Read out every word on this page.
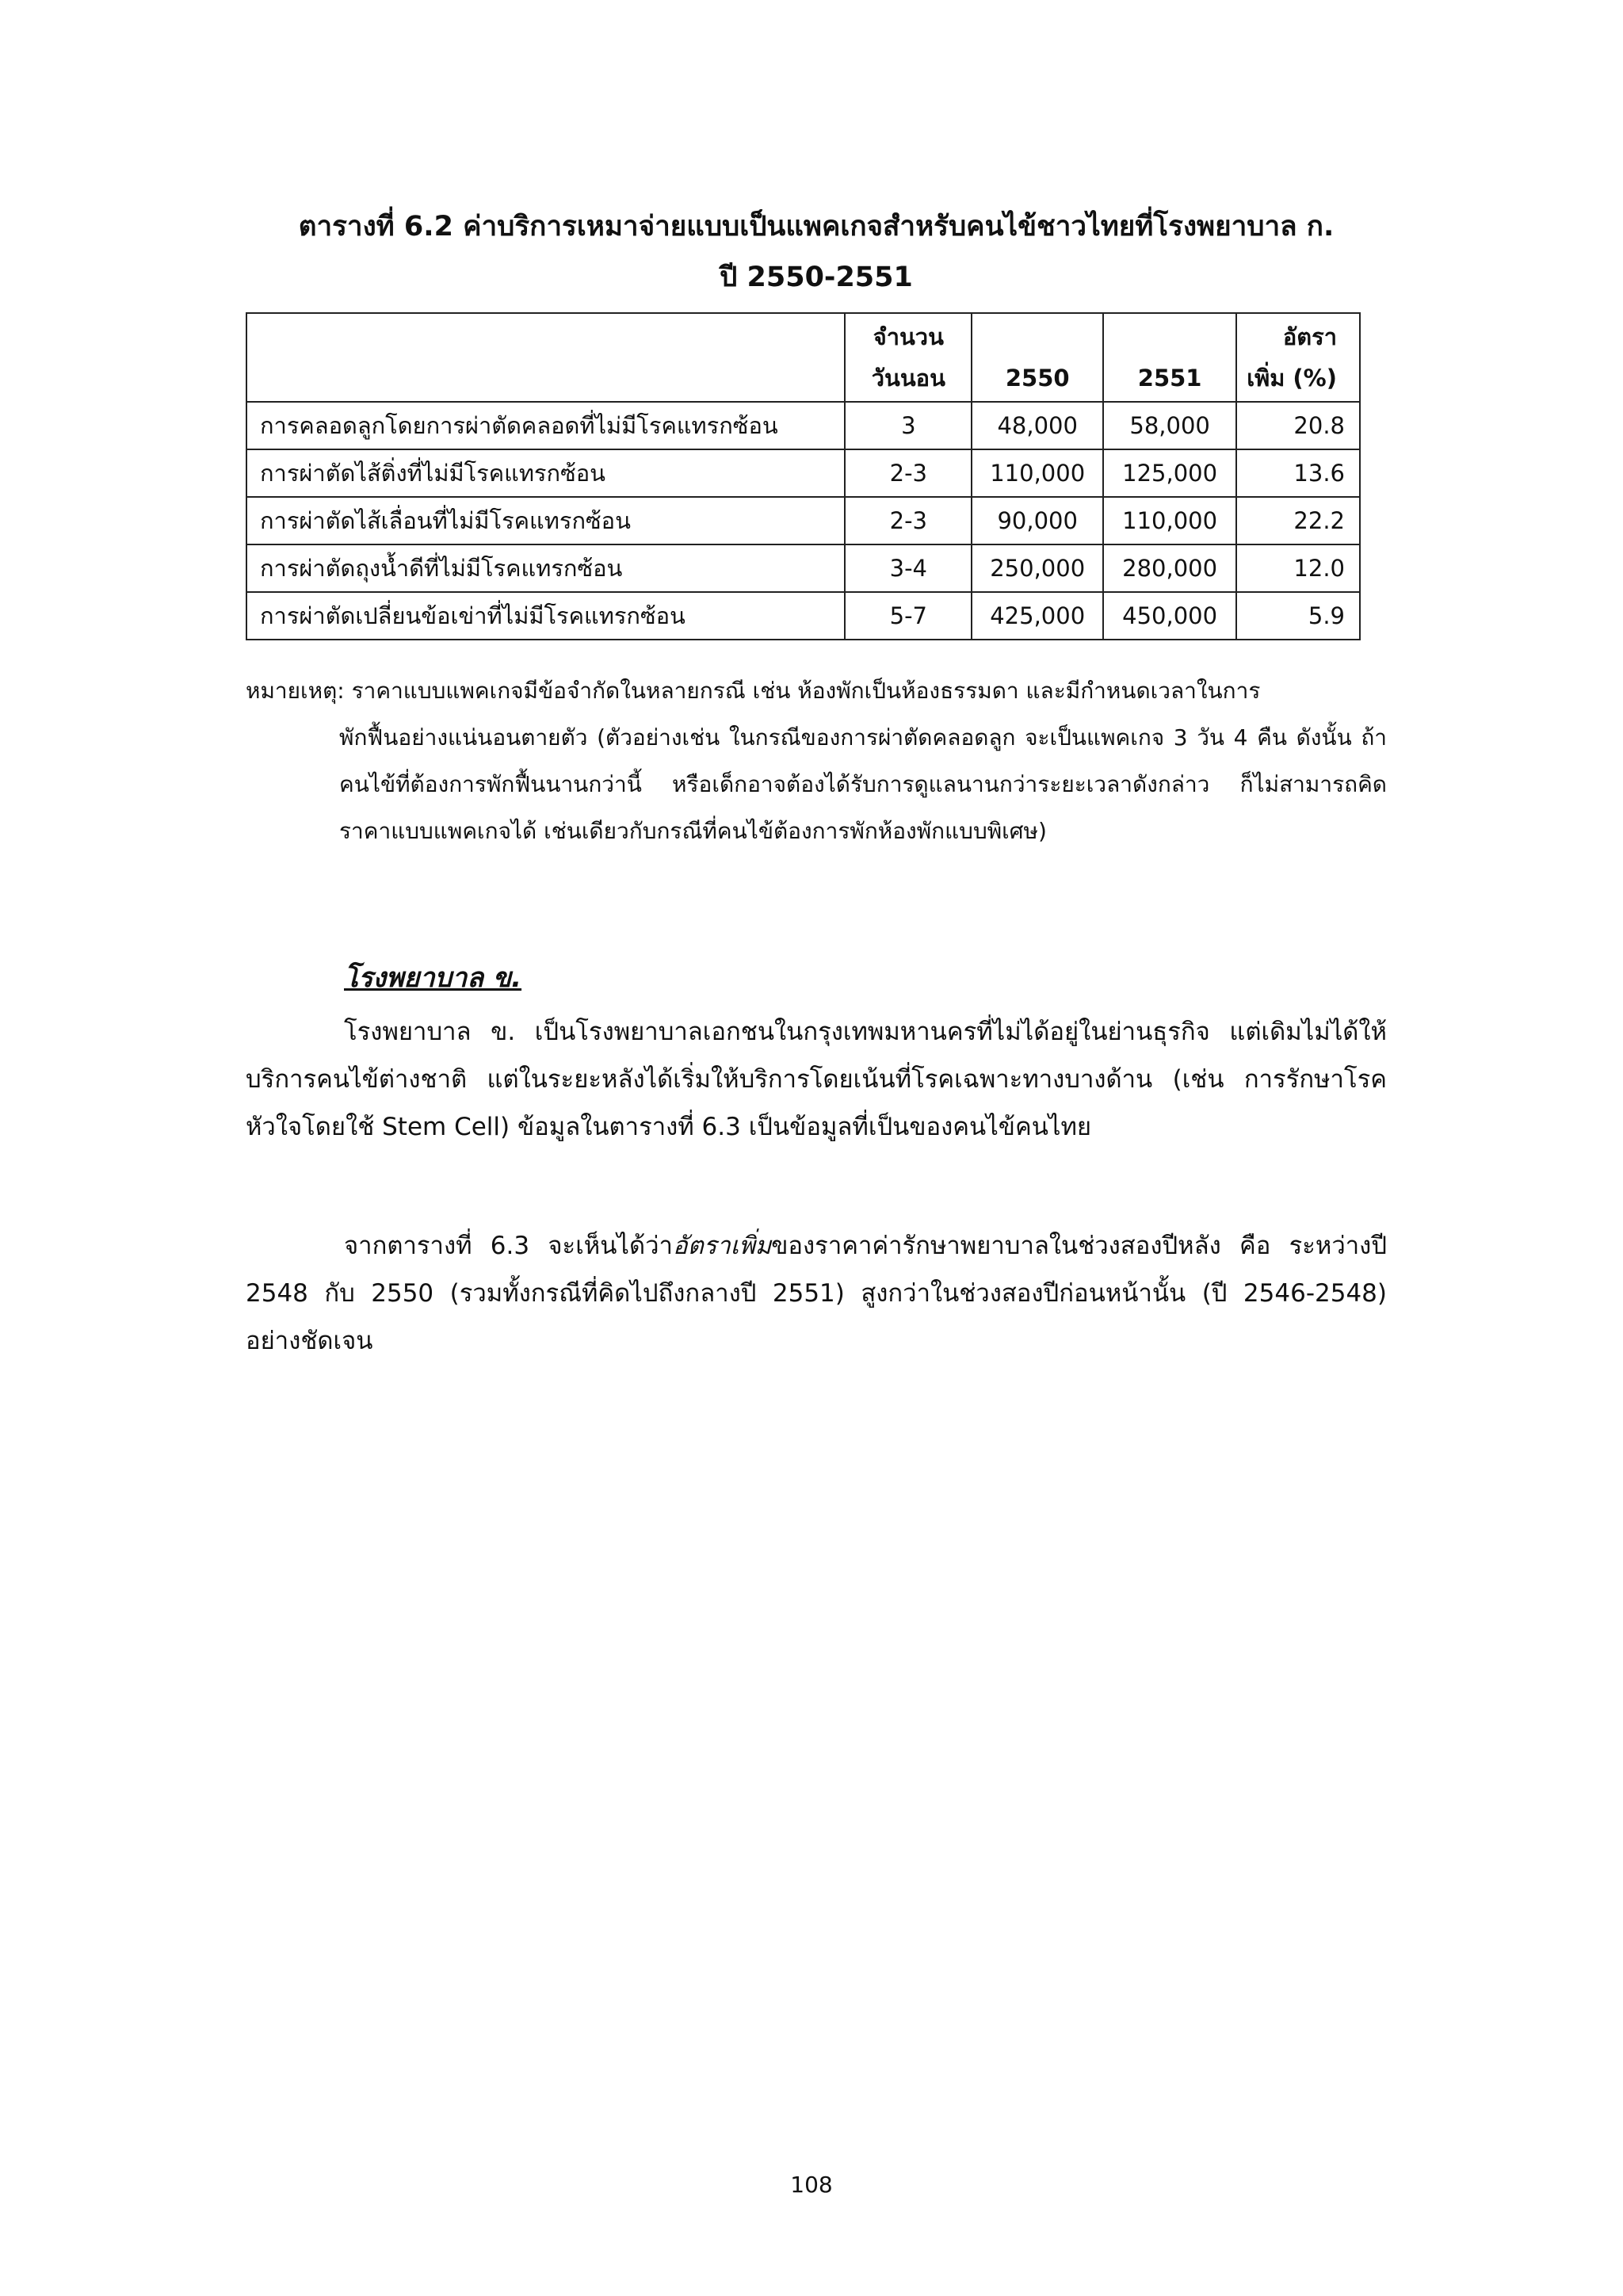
ตารางที่ 6.2 ค่าบริการเหมาจ่ายแบบเป็นแพคเกจสำหรับคนไข้ชาวไทยที่โรงพยาบาล ก.
ปี 2550-2551

	จำนวน
วันนอน	2550	2551	อัตรา
เพิ่ม (%)

การคลอดลูกโดยการผ่าตัดคลอดที่ไม่มีโรคแทรกซ้อน	3	48,000	58,000	20.8
การผ่าตัดไส้ติ่งที่ไม่มีโรคแทรกซ้อน	2-3	110,000	125,000	13.6
การผ่าตัดไส้เลื่อนที่ไม่มีโรคแทรกซ้อน	2-3	90,000	110,000	22.2
การผ่าตัดถุงน้ำดีที่ไม่มีโรคแทรกซ้อน	3-4	250,000	280,000	12.0
การผ่าตัดเปลี่ยนข้อเข่าที่ไม่มีโรคแทรกซ้อน	5-7	425,000	450,000	5.9
หมายเหตุ: ราคาแบบแพคเกจมีข้อจำกัดในหลายกรณี เช่น ห้องพักเป็นห้องธรรมดา และมีกำหนดเวลาในการ
พักฟื้นอย่างแน่นอนตายตัว (ตัวอย่างเช่น ในกรณีของการผ่าตัดคลอดลูก จะเป็นแพคเกจ 3 วัน 4 คืน ดังนั้น ถ้าคนไข้ที่ต้องการพักฟื้นนานกว่านี้ หรือเด็กอาจต้องได้รับการดูแลนานกว่าระยะเวลาดังกล่าว ก็ไม่สามารถคิดราคาแบบแพคเกจได้ เช่นเดียวกับกรณีที่คนไข้ต้องการพักห้องพักแบบพิเศษ)
โรงพยาบาล ข.
โรงพยาบาล ข. เป็นโรงพยาบาลเอกชนในกรุงเทพมหานครที่ไม่ได้อยู่ในย่านธุรกิจ แต่เดิมไม่ได้ให้บริการคนไข้ต่างชาติ แต่ในระยะหลังได้เริ่มให้บริการโดยเน้นที่โรคเฉพาะทางบางด้าน (เช่น การรักษาโรคหัวใจโดยใช้ Stem Cell) ข้อมูลในตารางที่ 6.3 เป็นข้อมูลที่เป็นของคนไข้คนไทย
จากตารางที่ 6.3 จะเห็นได้ว่าอัตราเพิ่มของราคาค่ารักษาพยาบาลในช่วงสองปีหลัง คือ ระหว่างปี 2548 กับ 2550 (รวมทั้งกรณีที่คิดไปถึงกลางปี 2551) สูงกว่าในช่วงสองปีก่อนหน้านั้น (ปี 2546-2548) อย่างชัดเจน
108
